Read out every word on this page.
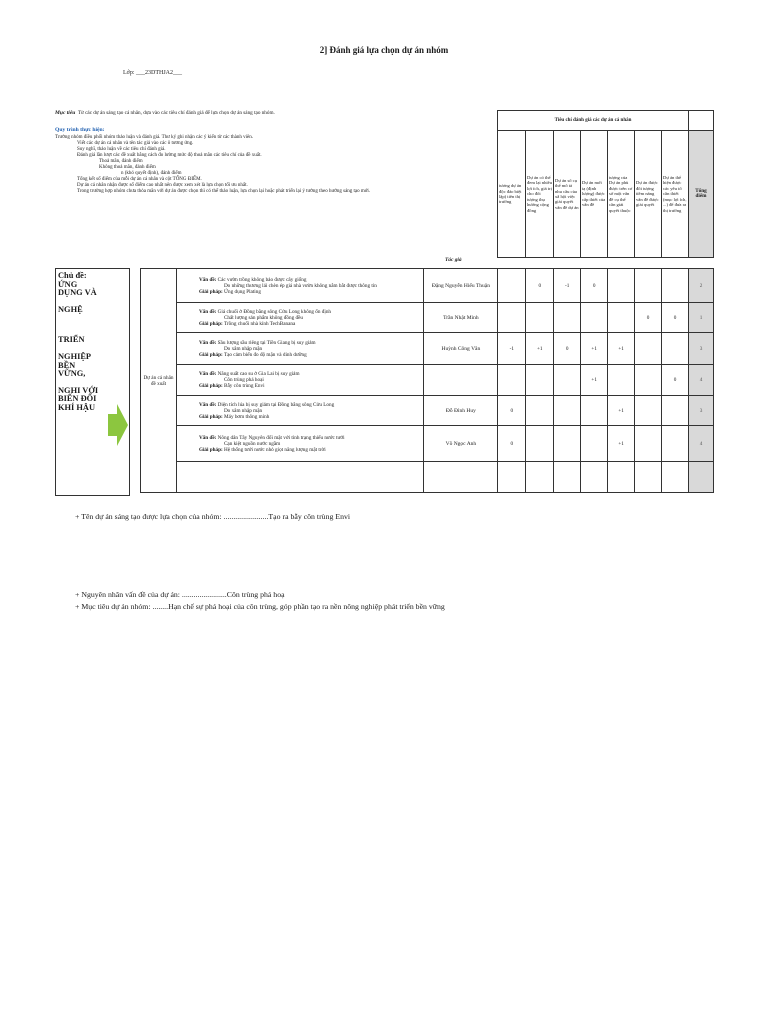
2] Đánh giá lựa chọn dự án nhóm
Lớp: ___23DTHJA2___
Mục tiêu Từ các dự án sáng tạo cá nhân, dựa vào các tiêu chí đánh giá để lựa chọn dự án sáng tạo nhóm.
Quy trình thực hiện:
Trưởng nhóm điều phối nhóm thảo luận và đánh giá. Thư ký ghi nhận các ý kiến từ các thành viên.
Viết các dự án cá nhân và tên tác giả vào các ô tương ứng.
Suy nghĩ, thảo luận về các tiêu chí đánh giá.
Đánh giá lần lượt các đề xuất bằng cách đo lường mức độ thoả mãn các tiêu chí của đề xuất.
Thoả mãn, đánh điểm
Không thoả mãn, đánh điểm
n (khó quyết định), đánh điểm
Tổng kết số điểm của mỗi dự án cá nhân và cột TỔNG ĐIỂM.
Dự án cá nhân nhận được số điểm cao nhất nên được xem xét là lựa chọn tối ưu nhất.
Trong trường hợp nhóm chưa thỏa mãn với dự án được chọn thì có thể thảo luận, lựa chọn lại hoặc phát triển lại ý tưởng theo hướng sáng tạo mới.
Tiêu chí đánh giá các dự án cá nhân							
tương dự án độc đáo biệt lập) tiên thị trường	Dự án có thể đem lại nhiều lợi ích, giá trị cho đối tượng thụ hưởng cộng đồng	Dự án số cụ thể mô tả nhu cầu của xã hội việc giải quyết vấn đề dự án	Dự án mới tạ (định lượng) được cấp thiết của vấn đề	tượng của Dự án phù được trên cơ sở một vấn đề cụ thể cần giải quyết thuộc	Dự án được đối tượng tiềm năng vấn đề được giải quyết	Dự án thể hiện được các yêu tố cần thiết (mục lợi ích, ...) để đưa ra thị trường	Tổng điểm
Tác giả
Chủ đề:
ỨNG
DỤNG VÀ
NGHỆ
TRIỂN
NGHIỆP
BỀN
VỮNG,
NGHI VỚI
BIẾN ĐỔI
KHÍ HẬU
Dự án cá nhân đề xuất	Vấn đề: Các vườn trồng không bảo được cây giống
Do những thương lái chèn ép giá nhà vườn không nắm bắt được thông tin
Giải pháp: Ứng dụng Plating	Đặng Nguyễn Hiếu Thuận		0	-1	0				2
	Vấn đề: Giá chuối ở Đồng bằng sông Cửu Long không ổn định
Chất lượng sản phẩm không đồng đều
Giải pháp: Trồng chuối nhà kính TechBanana	Trần Nhật Minh						0	0	1
	Vấn đề: Sầu lượng sầu riêng tại Tiền Giang bị suy giảm
Do xâm nhập mặn
Giải pháp: Tạo cảm biến đo độ mặn và dinh dưỡng	Huỳnh Công Văn	-1	+1	0	+1	+1			3
	Vấn đề: Năng suất cao su ở Gia Lai bị suy giảm
Côn trùng phá hoại
Giải pháp: Bẫy côn trùng Envi					+1			0	4
	Vấn đề: Diện tích lúa bị suy giảm tại Đồng bằng sông Cửu Long
Do xâm nhập mặn
Giải pháp: Máy bơm thông minh	Đỗ Đình Huy	0				+1			3
	Vấn đề: Nông dân Tây Nguyên đối mặt với tình trạng thiếu nước tưới
Cạn kiệt nguồn nước ngầm
Giải pháp: Hệ thống tưới nước nhỏ giọt năng lượng mặt trời	Võ Ngọc Anh	0				+1			4

+ Tên dự án sáng tạo được lựa chọn của nhóm: .......................Tạo ra bẫy côn trùng Envi
+ Nguyên nhân vấn đề của dự án: .......................Côn trùng phá hoạ
+ Mục tiêu dự án nhóm: ........Hạn chế sự phá hoại của côn trùng, góp phần tạo ra nền nông nghiệp phát triển bền vững
